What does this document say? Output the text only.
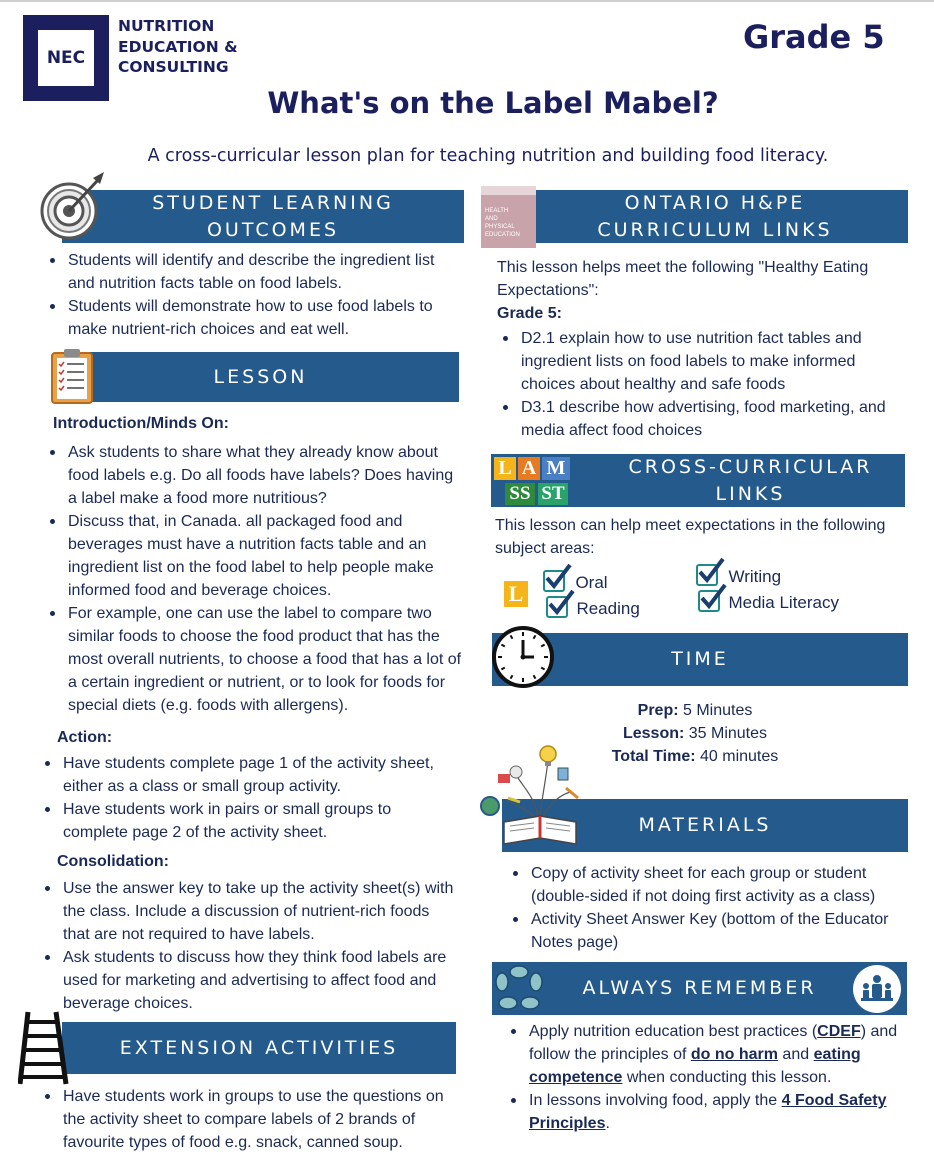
NEC
NUTRITION
EDUCATION &
CONSULTING
Grade 5
What's on the Label Mabel?
A cross-curricular lesson plan for teaching nutrition and building food literacy.
STUDENT LEARNING
OUTCOMES
Students will identify and describe the ingredient list and nutrition facts table on food labels.
Students will demonstrate how to use food labels to make nutrient-rich choices and eat well.
LESSON
Introduction/Minds On:
Ask students to share what they already know about food labels e.g. Do all foods have labels? Does having a label make a food more nutritious?
Discuss that, in Canada. all packaged food and beverages must have a nutrition facts table and an ingredient list on the food label to help people make informed food and beverage choices.
For example, one can use the label to compare two similar foods to choose the food product that has the most overall nutrients, to choose a food that has a lot of a certain ingredient or nutrient, or to look for foods for special diets (e.g. foods with allergens).
Action:
Have students complete page 1 of the activity sheet, either as a class or small group activity.
Have students work in pairs or small groups to complete page 2 of the activity sheet.
Consolidation:
Use the answer key to take up the activity sheet(s) with the class. Include a discussion of nutrient-rich foods that are not required to have labels.
Ask students to discuss how they think food labels are used for marketing and advertising to affect food and beverage choices.
EXTENSION ACTIVITIES
Have students work in groups to use the questions on the activity sheet to compare labels of 2 brands of favourite types of food e.g. snack, canned soup.
ONTARIO H&PE
CURRICULUM LINKS
HEALTH
AND
PHYSICAL
EDUCATION
This lesson helps meet the following "Healthy Eating Expectations":
Grade 5:
D2.1 explain how to use nutrition fact tables and ingredient lists on food labels to make informed choices about healthy and safe foods
D3.1 describe how advertising, food marketing, and media affect food choices
CROSS-CURRICULAR
LINKS
L A M
SS ST
This lesson can help meet expectations in the following subject areas:
L	Oral
Reading
Writing
Media Literacy
TIME
Prep: 5 Minutes
Lesson: 35 Minutes
Total Time: 40 minutes
MATERIALS
Copy of activity sheet for each group or student (double-sided if not doing first activity as a class)
Activity Sheet Answer Key (bottom of the Educator Notes page)
ALWAYS REMEMBER
Apply nutrition education best practices (CDEF) and follow the principles of do no harm and eating competence when conducting this lesson.
In lessons involving food, apply the 4 Food Safety Principles.
